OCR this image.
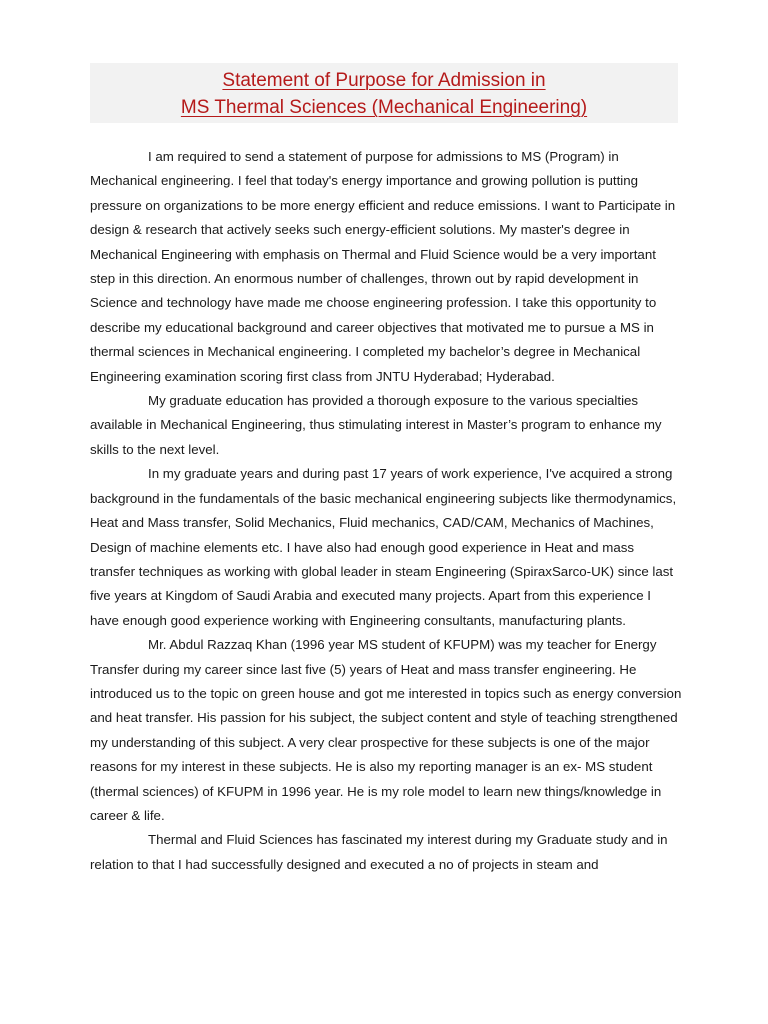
Statement of Purpose for Admission in
MS Thermal Sciences (Mechanical Engineering)

I am required to send a statement of purpose for admissions to MS (Program) in Mechanical engineering. I feel that today's energy importance and growing pollution is putting pressure on organizations to be more energy efficient and reduce emissions. I want to Participate in design & research that actively seeks such energy-efficient solutions. My master's degree in Mechanical Engineering with emphasis on Thermal and Fluid Science would be a very important step in this direction. An enormous number of challenges, thrown out by rapid development in Science and technology have made me choose engineering profession. I take this opportunity to describe my educational background and career objectives that motivated me to pursue a MS in thermal sciences in Mechanical engineering. I completed my bachelor’s degree in Mechanical Engineering examination scoring first class from JNTU Hyderabad; Hyderabad.

My graduate education has provided a thorough exposure to the various specialties available in Mechanical Engineering, thus stimulating interest in Master’s program to enhance my skills to the next level.

In my graduate years and during past 17 years of work experience, I've acquired a strong background in the fundamentals of the basic mechanical engineering subjects like thermodynamics, Heat and Mass transfer, Solid Mechanics, Fluid mechanics, CAD/CAM, Mechanics of Machines, Design of machine elements etc. I have also had enough good experience in Heat and mass transfer techniques as working with global leader in steam Engineering (SpiraxSarco-UK) since last five years at Kingdom of Saudi Arabia and executed many projects. Apart from this experience I have enough good experience working with Engineering consultants, manufacturing plants.

Mr. Abdul Razzaq Khan (1996 year MS student of KFUPM) was my teacher for Energy Transfer during my career since last five (5) years of Heat and mass transfer engineering. He introduced us to the topic on green house and got me interested in topics such as energy conversion and heat transfer. His passion for his subject, the subject content and style of teaching strengthened my understanding of this subject. A very clear prospective for these subjects is one of the major reasons for my interest in these subjects. He is also my reporting manager is an ex- MS student (thermal sciences) of KFUPM in 1996 year. He is my role model to learn new things/knowledge in career & life.

Thermal and Fluid Sciences has fascinated my interest during my Graduate study and in relation to that I had successfully designed and executed a no of projects in steam and
